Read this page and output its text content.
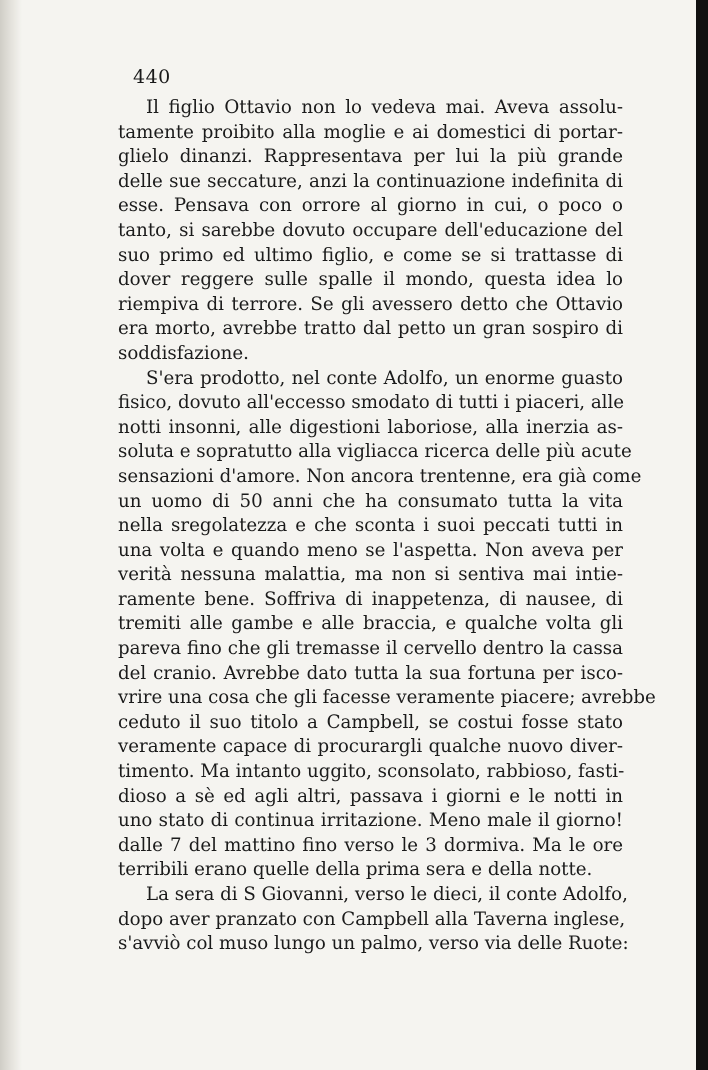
440
Il figlio Ottavio non lo vedeva mai. Aveva assolu-
tamente proibito alla moglie e ai domestici di portar-
glielo dinanzi. Rappresentava per lui la più grande
delle sue seccature, anzi la continuazione indefinita di
esse. Pensava con orrore al giorno in cui, o poco o
tanto, si sarebbe dovuto occupare dell'educazione del
suo primo ed ultimo figlio, e come se si trattasse di
dover reggere sulle spalle il mondo, questa idea lo
riempiva di terrore. Se gli avessero detto che Ottavio
era morto, avrebbe tratto dal petto un gran sospiro di
soddisfazione.
S'era prodotto, nel conte Adolfo, un enorme guasto
fisico, dovuto all'eccesso smodato di tutti i piaceri, alle
notti insonni, alle digestioni laboriose, alla inerzia as-
soluta e sopratutto alla vigliacca ricerca delle più acute
sensazioni d'amore. Non ancora trentenne, era già come
un uomo di 50 anni che ha consumato tutta la vita
nella sregolatezza e che sconta i suoi peccati tutti in
una volta e quando meno se l'aspetta. Non aveva per
verità nessuna malattia, ma non si sentiva mai intie-
ramente bene. Soffriva di inappetenza, di nausee, di
tremiti alle gambe e alle braccia, e qualche volta gli
pareva fino che gli tremasse il cervello dentro la cassa
del cranio. Avrebbe dato tutta la sua fortuna per isco-
vrire una cosa che gli facesse veramente piacere; avrebbe
ceduto il suo titolo a Campbell, se costui fosse stato
veramente capace di procurargli qualche nuovo diver-
timento. Ma intanto uggito, sconsolato, rabbioso, fasti-
dioso a sè ed agli altri, passava i giorni e le notti in
uno stato di continua irritazione. Meno male il giorno!
dalle 7 del mattino fino verso le 3 dormiva. Ma le ore
terribili erano quelle della prima sera e della notte.
La sera di S Giovanni, verso le dieci, il conte Adolfo,
dopo aver pranzato con Campbell alla Taverna inglese,
s'avviò col muso lungo un palmo, verso via delle Ruote:
